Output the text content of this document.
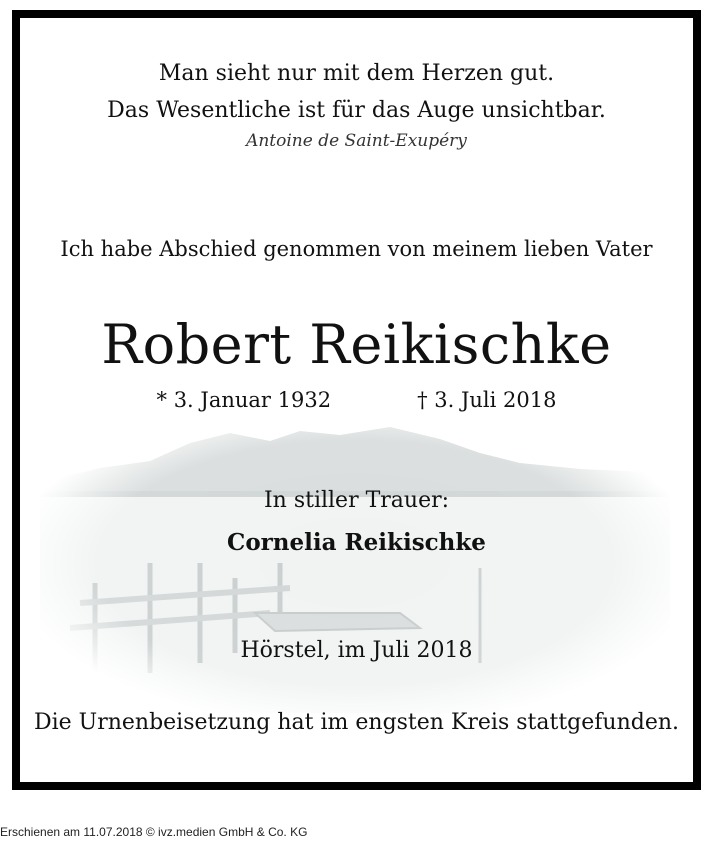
Man sieht nur mit dem Herzen gut.
Das Wesentliche ist für das Auge unsichtbar.
Antoine de Saint-Exupéry
Ich habe Abschied genommen von meinem lieben Vater
Robert Reikischke
* 3. Januar 1932	† 3. Juli 2018
In stiller Trauer:
Cornelia Reikischke
Hörstel, im Juli 2018
Die Urnenbeisetzung hat im engsten Kreis stattgefunden.
Erschienen am 11.07.2018 © ivz.medien GmbH & Co. KG
